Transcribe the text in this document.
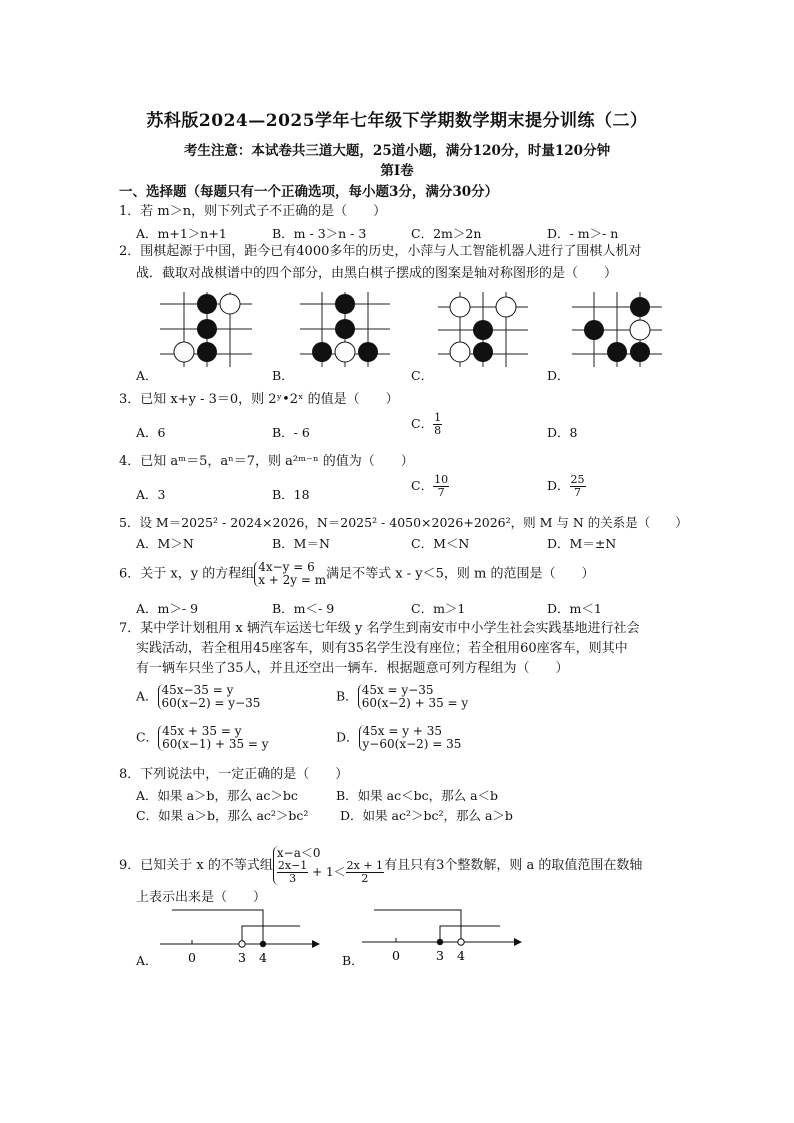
苏科版2024—2025学年七年级下学期数学期末提分训练（二）
考生注意：本试卷共三道大题，25道小题，满分120分，时量120分钟
第I卷
一、选择题（每题只有一个正确选项，每小题3分，满分30分）
1．若 m＞n，则下列式子不正确的是（　　）
A．m+1＞n+1	B．m - 3＞n - 3	C．2m＞2n	D．- m＞- n
2．围棋起源于中国，距今已有4000多年的历史，小萍与人工智能机器人进行了围棋人机对
战．截取对战棋谱中的四个部分，由黑白棋子摆成的图案是轴对称图形的是（　　）
A．	B．	C．	D．
3．已知 x+y - 3＝0，则 2ʸ•2ˣ 的值是（　　）
A．6	B．- 6
C． $\frac{1}{8}$	D．8
4．已知 aᵐ＝5，aⁿ＝7，则 a²ᵐ⁻ⁿ 的值为（　　）
A．3	B．18
C． $\frac{10}{7}$	D． $\frac{25}{7}$
5．设 M＝2025² - 2024×2026，N＝2025² - 4050×2026+2026²，则 M 与 N 的关系是（　　）
A．M＞N	B．M＝N	C．M＜N	D．M＝±N
6．关于 x，y 的方程组 4x−y = 6
x + 2y = m 满足不等式 x - y＜5，则 m 的范围是（　　）
A．m＞- 9	B．m＜- 9	C．m＞1	D．m＜1
7．某中学计划租用 x 辆汽车运送七年级 y 名学生到南安市中小学生社会实践基地进行社会
实践活动，若全租用45座客车，则有35名学生没有座位；若全租用60座客车，则其中
有一辆车只坐了35人，并且还空出一辆车．根据题意可列方程组为（　　）
A． 45x−35 = y
60(x−2) = y−35	B． 45x = y−35
60(x−2) + 35 = y
C． 45x + 35 = y
60(x−1) + 35 = y	D． 45x = y + 35
y−60(x−2) = 35
8．下列说法中，一定正确的是（　　）
A．如果 a＞b，那么 ac＞bc	B．如果 ac＜bc，那么 a＜b
C．如果 a＞b，那么 ac²＞bc²	D．如果 ac²＞bc²，那么 a＞b
9．已知关于 x 的不等式组
x−a＜0
$\frac{2x-1}{3} + 1< \frac{2x + 1}{2}$ 有且只有3个整数解，则 a 的取值范围在数轴
上表示出来是（　　）
A． 0	3 4	B． 0	3 4
